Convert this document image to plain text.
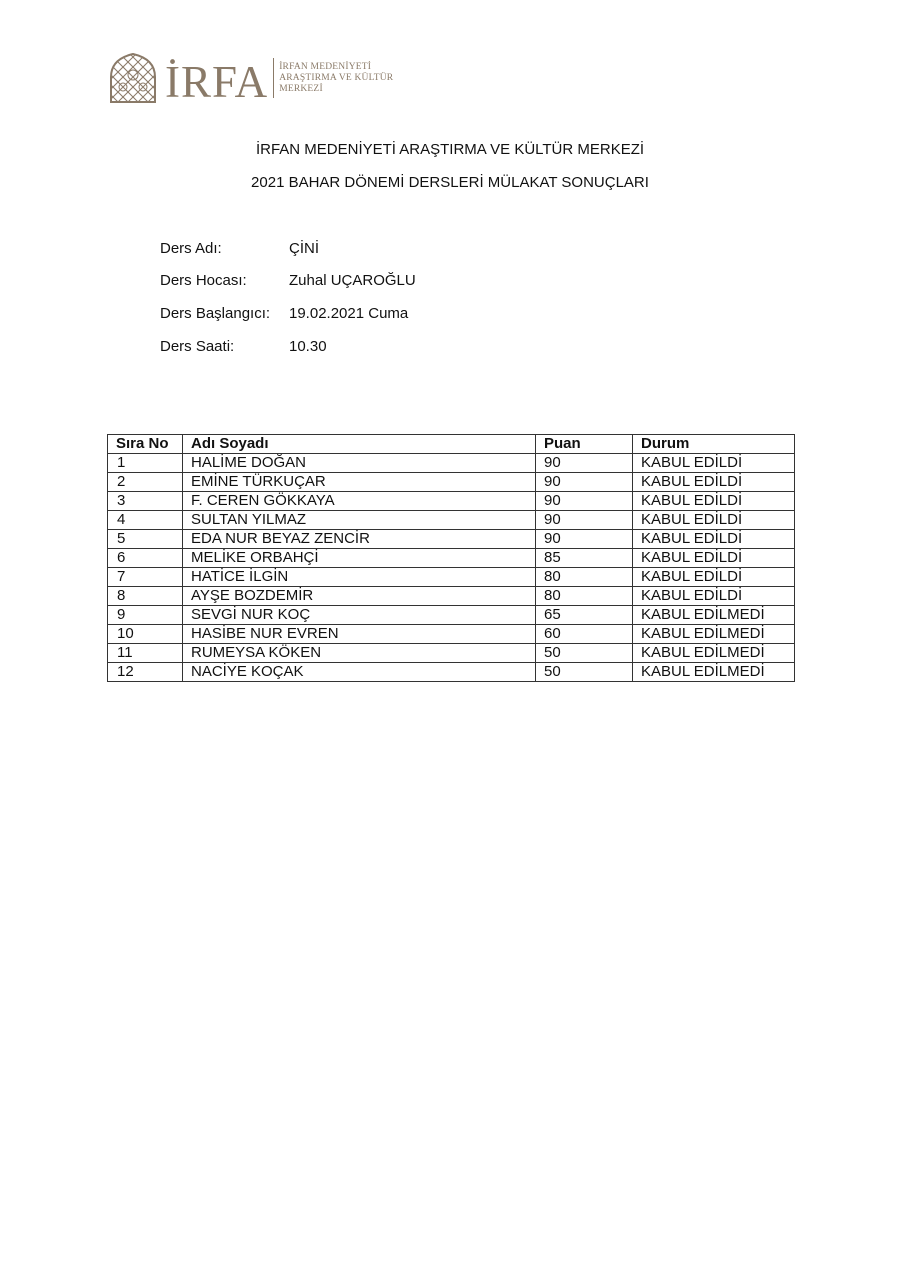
İRFA İRFAN MEDENİYETİ
ARAŞTIRMA VE KÜLTÜR
MERKEZİ
İRFAN MEDENİYETİ ARAŞTIRMA VE KÜLTÜR MERKEZİ
2021 BAHAR DÖNEMİ DERSLERİ MÜLAKAT SONUÇLARI
Ders Adı:	ÇİNİ
Ders Hocası:	Zuhal UÇAROĞLU
Ders Başlangıcı: 19.02.2021 Cuma
Ders Saati:	10.30
Sıra No	Adı Soyadı	Puan	Durum
1	HALİME DOĞAN	90	KABUL EDİLDİ
2	EMİNE TÜRKUÇAR	90	KABUL EDİLDİ
3	F. CEREN GÖKKAYA	90	KABUL EDİLDİ
4	SULTAN YILMAZ	90	KABUL EDİLDİ
5	EDA NUR BEYAZ ZENCİR	90	KABUL EDİLDİ
6	MELİKE ORBAHÇİ	85	KABUL EDİLDİ
7	HATİCE İLGİN	80	KABUL EDİLDİ
8	AYŞE BOZDEMİR	80	KABUL EDİLDİ
9	SEVGİ NUR KOÇ	65	KABUL EDİLMEDİ
10	HASİBE NUR EVREN	60	KABUL EDİLMEDİ
11	RUMEYSA KÖKEN	50	KABUL EDİLMEDİ
12	NACİYE KOÇAK	50	KABUL EDİLMEDİ
